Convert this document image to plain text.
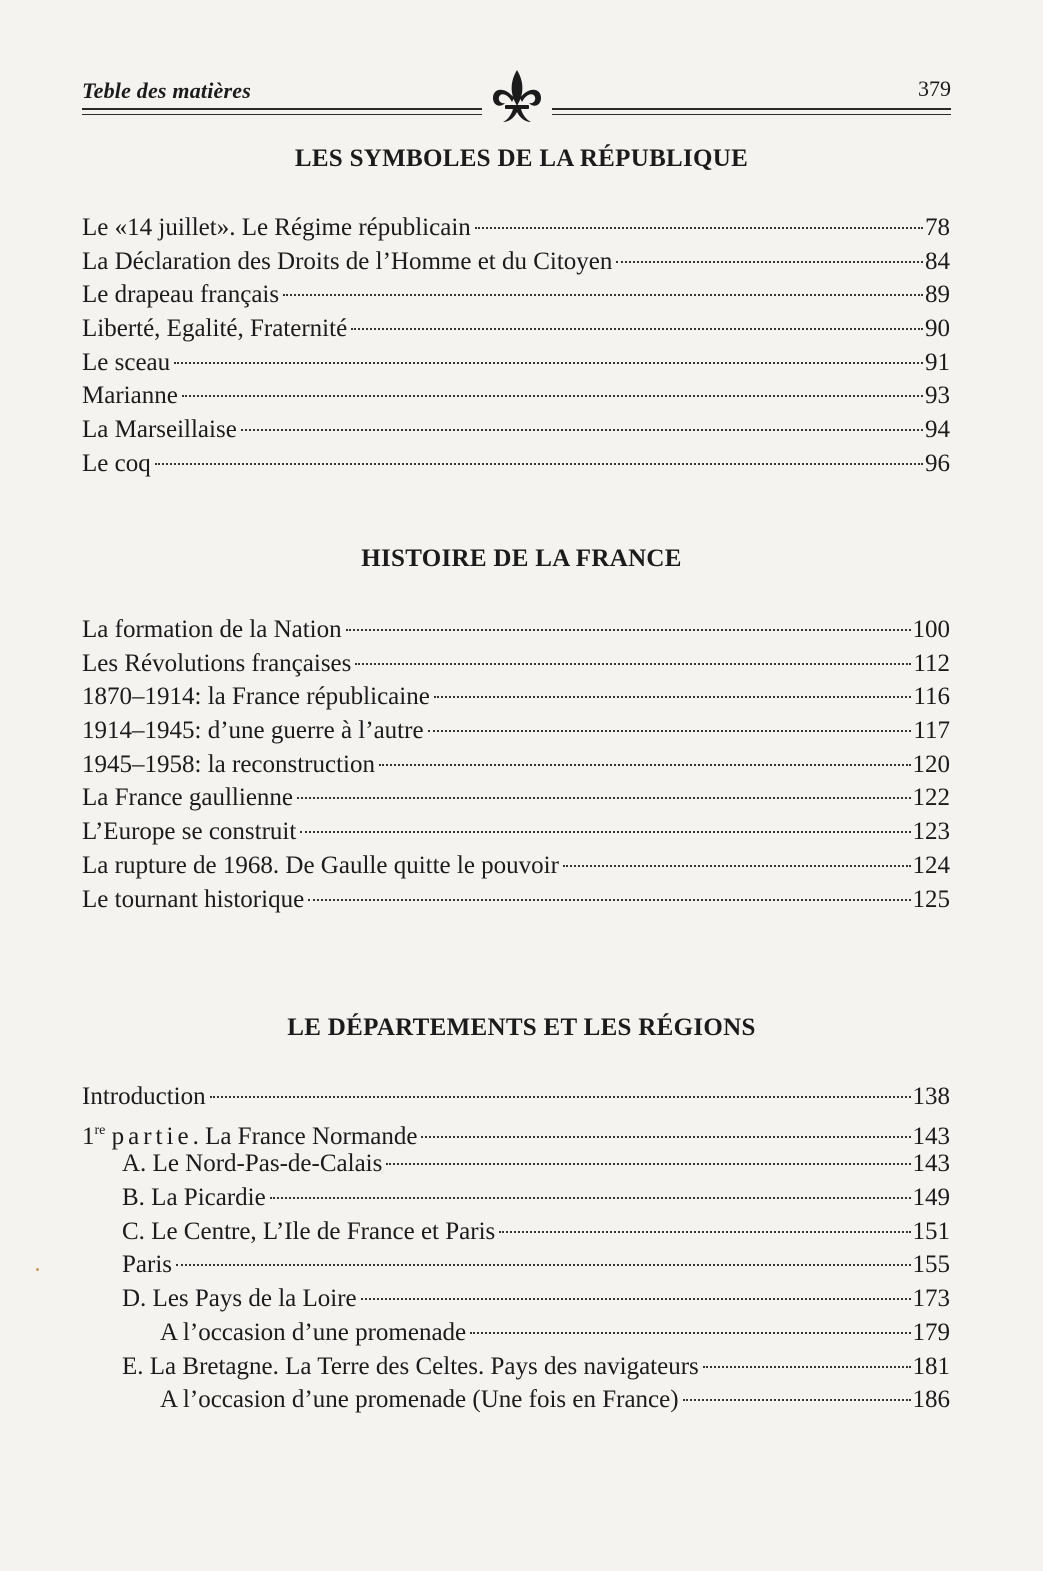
Teble des matières	379
LES SYMBOLES DE LA RÉPUBLIQUE
Le «14 juillet». Le Régime républicain	78
La Déclaration des Droits de l’Homme et du Citoyen	84
Le drapeau français	89
Liberté, Egalité, Fraternité	90
Le sceau	91
Marianne	93
La Marseillaise	94
Le coq	96
HISTOIRE DE LA FRANCE
La formation de la Nation	100
Les Révolutions françaises	112
1870–1914: la France républicaine	116
1914–1945: d’une guerre à l’autre	117
1945–1958: la reconstruction	120
La France gaullienne	122
L’Europe se construit	123
La rupture de 1968. De Gaulle quitte le pouvoir	124
Le tournant historique	125
LE DÉPARTEMENTS ET LES RÉGIONS
Introduction	138
1re partie. La France Normande	143
A. Le Nord-Pas-de-Calais	143
B. La Picardie	149
C. Le Centre, L’Ile de France et Paris	151
Paris	155
D. Les Pays de la Loire	173
A l’occasion d’une promenade	179
E. La Bretagne. La Terre des Celtes. Pays des navigateurs	181
A l’occasion d’une promenade (Une fois en France)	186
